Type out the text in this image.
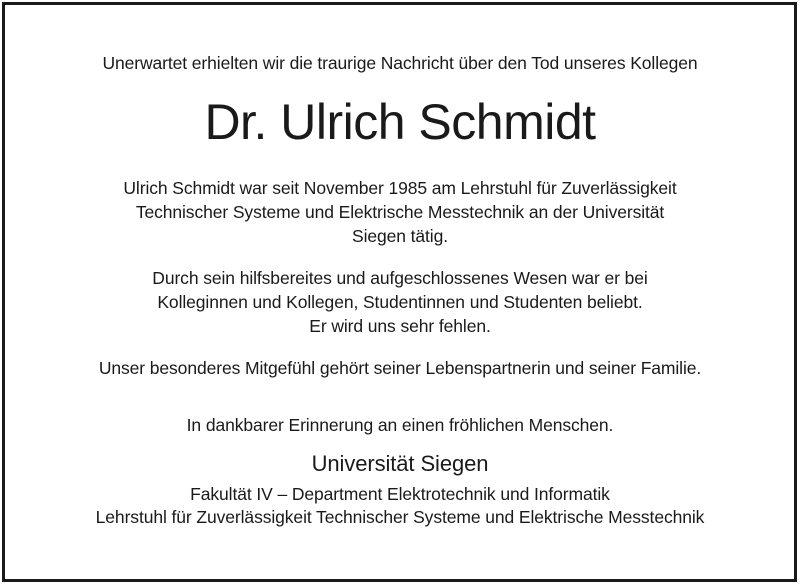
Unerwartet erhielten wir die traurige Nachricht über den Tod unseres Kollegen
Dr. Ulrich Schmidt
Ulrich Schmidt war seit November 1985 am Lehrstuhl für Zuverlässigkeit
Technischer Systeme und Elektrische Messtechnik an der Universität
Siegen tätig.
Durch sein hilfsbereites und aufgeschlossenes Wesen war er bei
Kolleginnen und Kollegen, Studentinnen und Studenten beliebt.
Er wird uns sehr fehlen.
Unser besonderes Mitgefühl gehört seiner Lebenspartnerin und seiner Familie.
In dankbarer Erinnerung an einen fröhlichen Menschen.
Universität Siegen
Fakultät IV – Department Elektrotechnik und Informatik
Lehrstuhl für Zuverlässigkeit Technischer Systeme und Elektrische Messtechnik
